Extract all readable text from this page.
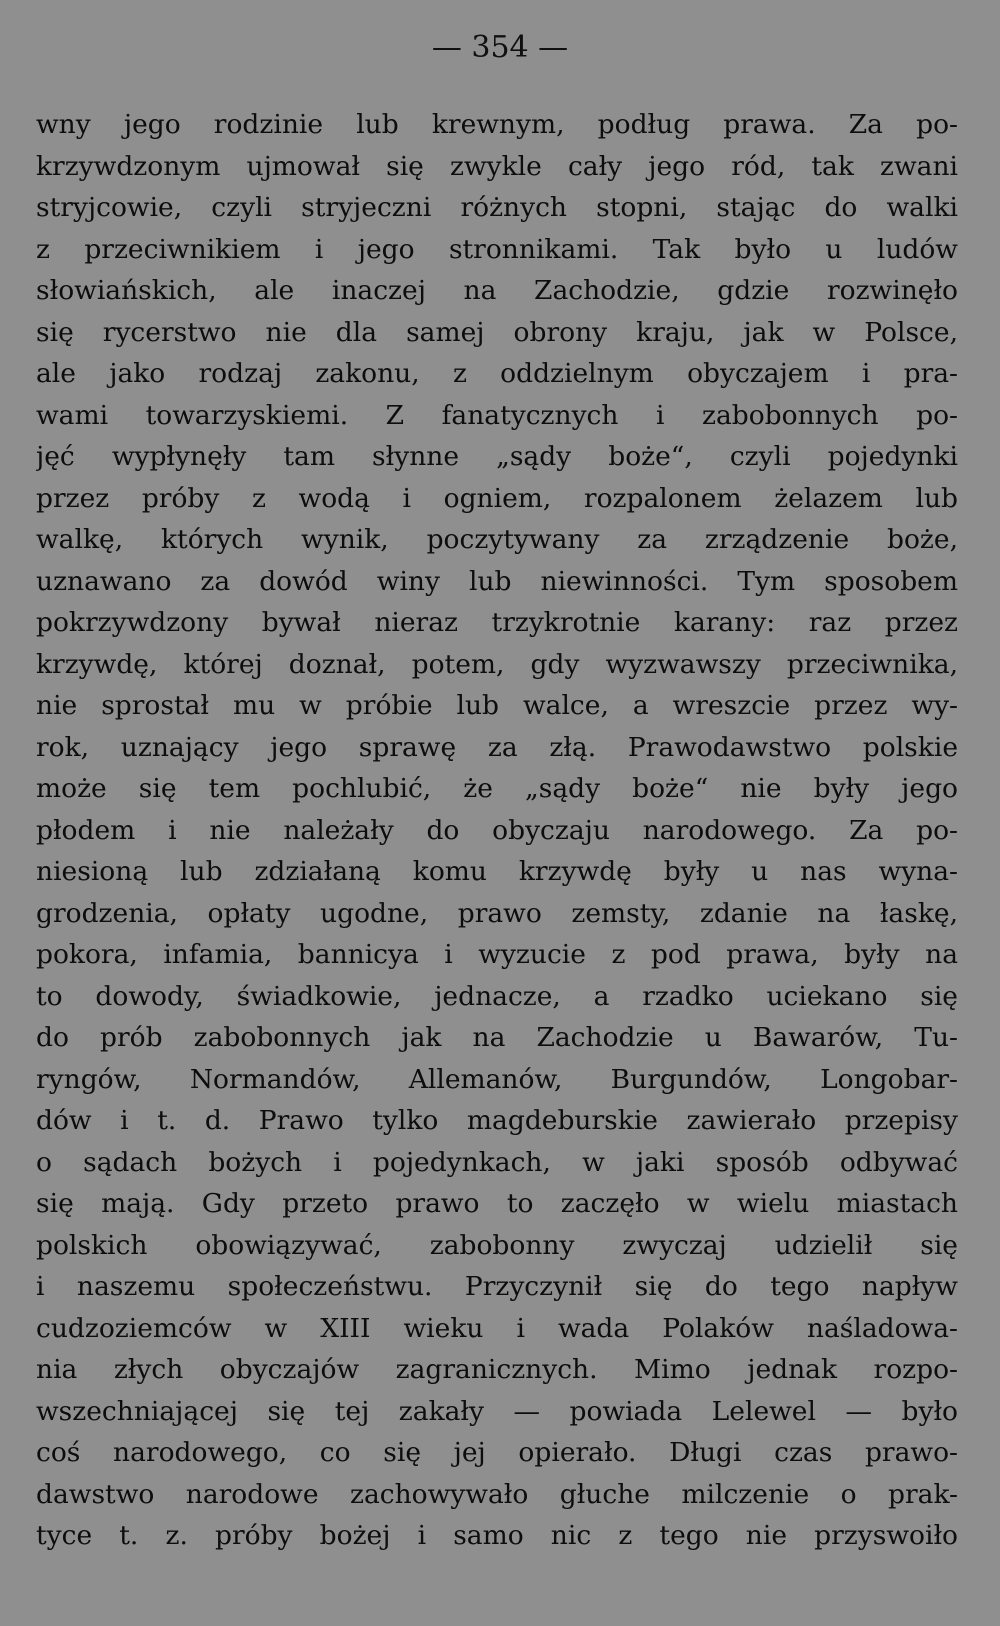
— 354 —
wny jego rodzinie lub krewnym, podług prawa. Za po-
krzywdzonym ujmował się zwykle cały jego ród, tak zwani
stryjcowie, czyli stryjeczni różnych stopni, stając do walki
z przeciwnikiem i jego stronnikami. Tak było u ludów
słowiańskich, ale inaczej na Zachodzie, gdzie rozwinęło
się rycerstwo nie dla samej obrony kraju, jak w Polsce,
ale jako rodzaj zakonu, z oddzielnym obyczajem i pra-
wami towarzyskiemi. Z fanatycznych i zabobonnych po-
jęć wypłynęły tam słynne „sądy boże“, czyli pojedynki
przez próby z wodą i ogniem, rozpalonem żelazem lub
walkę, których wynik, poczytywany za zrządzenie boże,
uznawano za dowód winy lub niewinności. Tym sposobem
pokrzywdzony bywał nieraz trzykrotnie karany: raz przez
krzywdę, której doznał, potem, gdy wyzwawszy przeciwnika,
nie sprostał mu w próbie lub walce, a wreszcie przez wy-
rok, uznający jego sprawę za złą. Prawodawstwo polskie
może się tem pochlubić, że „sądy boże“ nie były jego
płodem i nie należały do obyczaju narodowego. Za po-
niesioną lub zdziałaną komu krzywdę były u nas wyna-
grodzenia, opłaty ugodne, prawo zemsty, zdanie na łaskę,
pokora, infamia, bannicya i wyzucie z pod prawa, były na
to dowody, świadkowie, jednacze, a rzadko uciekano się
do prób zabobonnych jak na Zachodzie u Bawarów, Tu-
ryngów, Normandów, Allemanów, Burgundów, Longobar-
dów i t. d. Prawo tylko magdeburskie zawierało przepisy
o sądach bożych i pojedynkach, w jaki sposób odbywać
się mają. Gdy przeto prawo to zaczęło w wielu miastach
polskich obowiązywać, zabobonny zwyczaj udzielił się
i naszemu społeczeństwu. Przyczynił się do tego napływ
cudzoziemców w XIII wieku i wada Polaków naśladowa-
nia złych obyczajów zagranicznych. Mimo jednak rozpo-
wszechniającej się tej zakały — powiada Lelewel — było
coś narodowego, co się jej opierało. Długi czas prawo-
dawstwo narodowe zachowywało głuche milczenie o prak-
tyce t. z. próby bożej i samo nic z tego nie przyswoiło
